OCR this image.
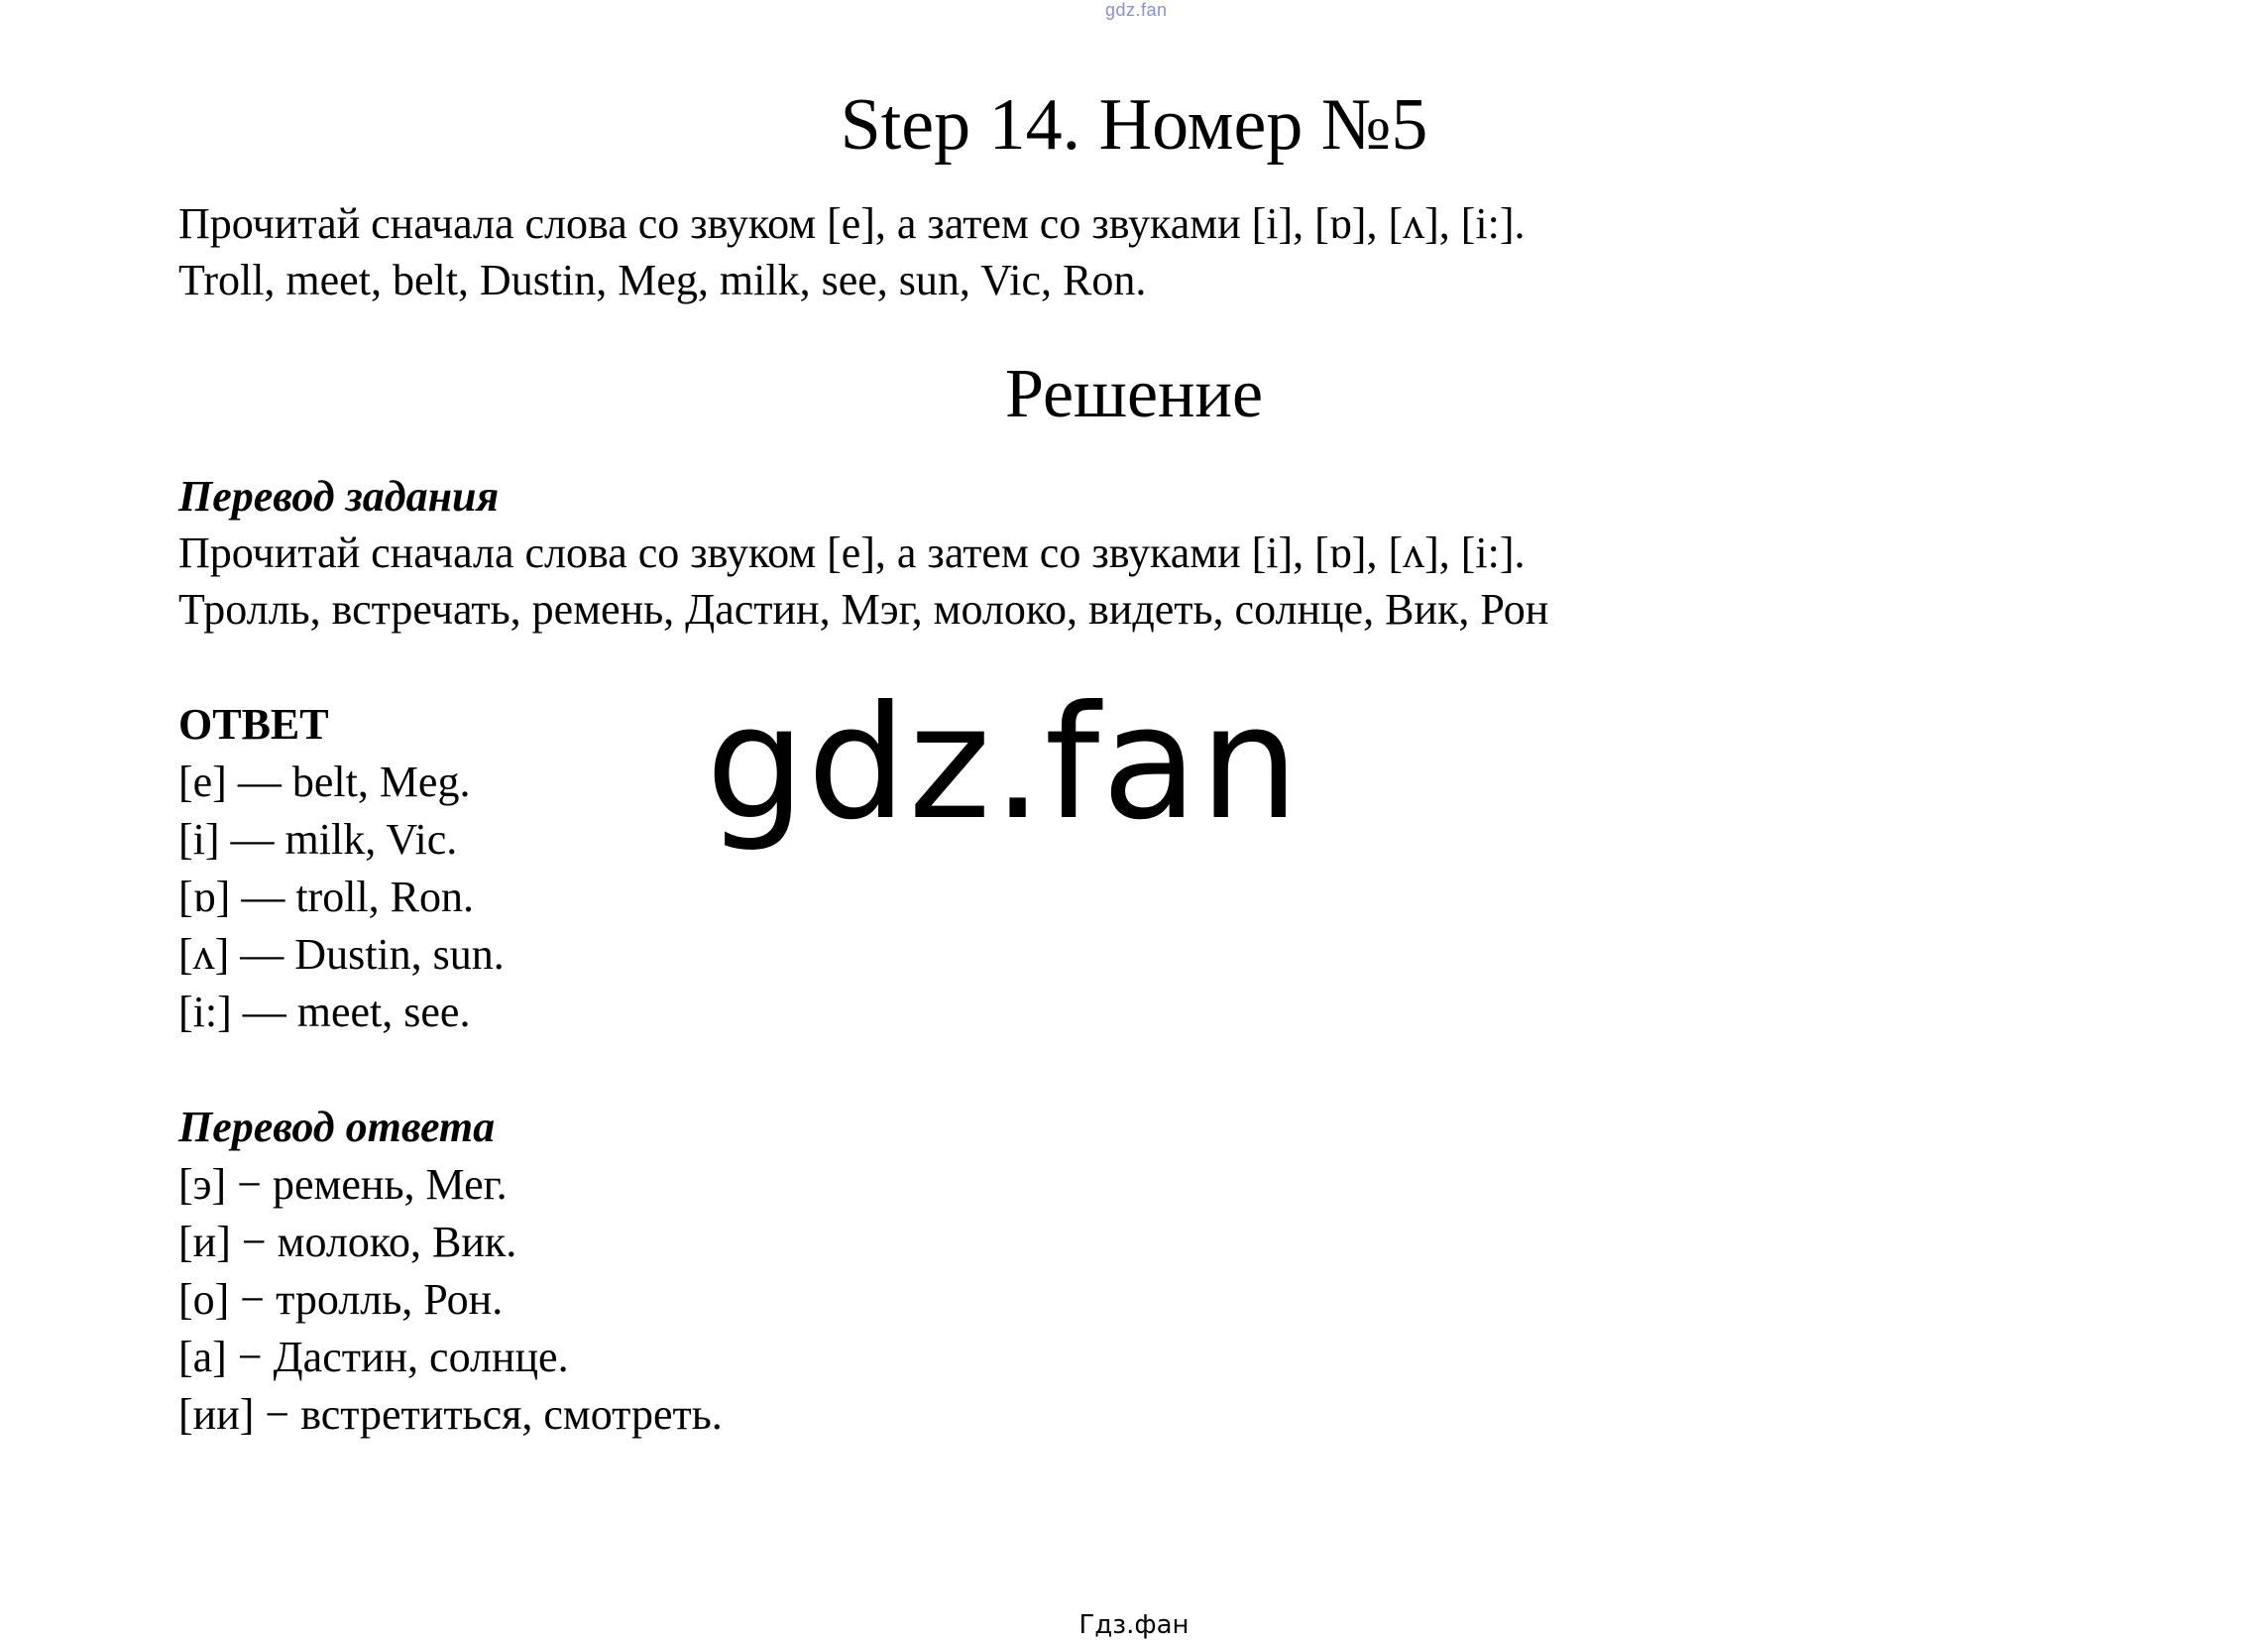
gdz.fan
Step 14. Номер №5
Прочитай сначала слова со звуком [e], а затем со звуками [i], [ɒ], [ʌ], [i:].
Troll, meet, belt, Dustin, Meg, milk, see, sun, Vic, Ron.
Решение
Перевод задания
Прочитай сначала слова со звуком [e], а затем со звуками [i], [ɒ], [ʌ], [i:].
Тролль, встречать, ремень, Дастин, Мэг, молоко, видеть, солнце, Вик, Рон
ОТВЕТ
[e] — belt, Meg.
[i] — milk, Vic.
[ɒ] — troll, Ron.
[ʌ] — Dustin, sun.
[i:] — meet, see.
Перевод ответа
[э] − ремень, Мег.
[и] − молоко, Вик.
[о] − тролль, Рон.
[а] − Дастин, солнце.
[ии] − встретиться, смотреть.
gdz.fan
Гдз.фан
